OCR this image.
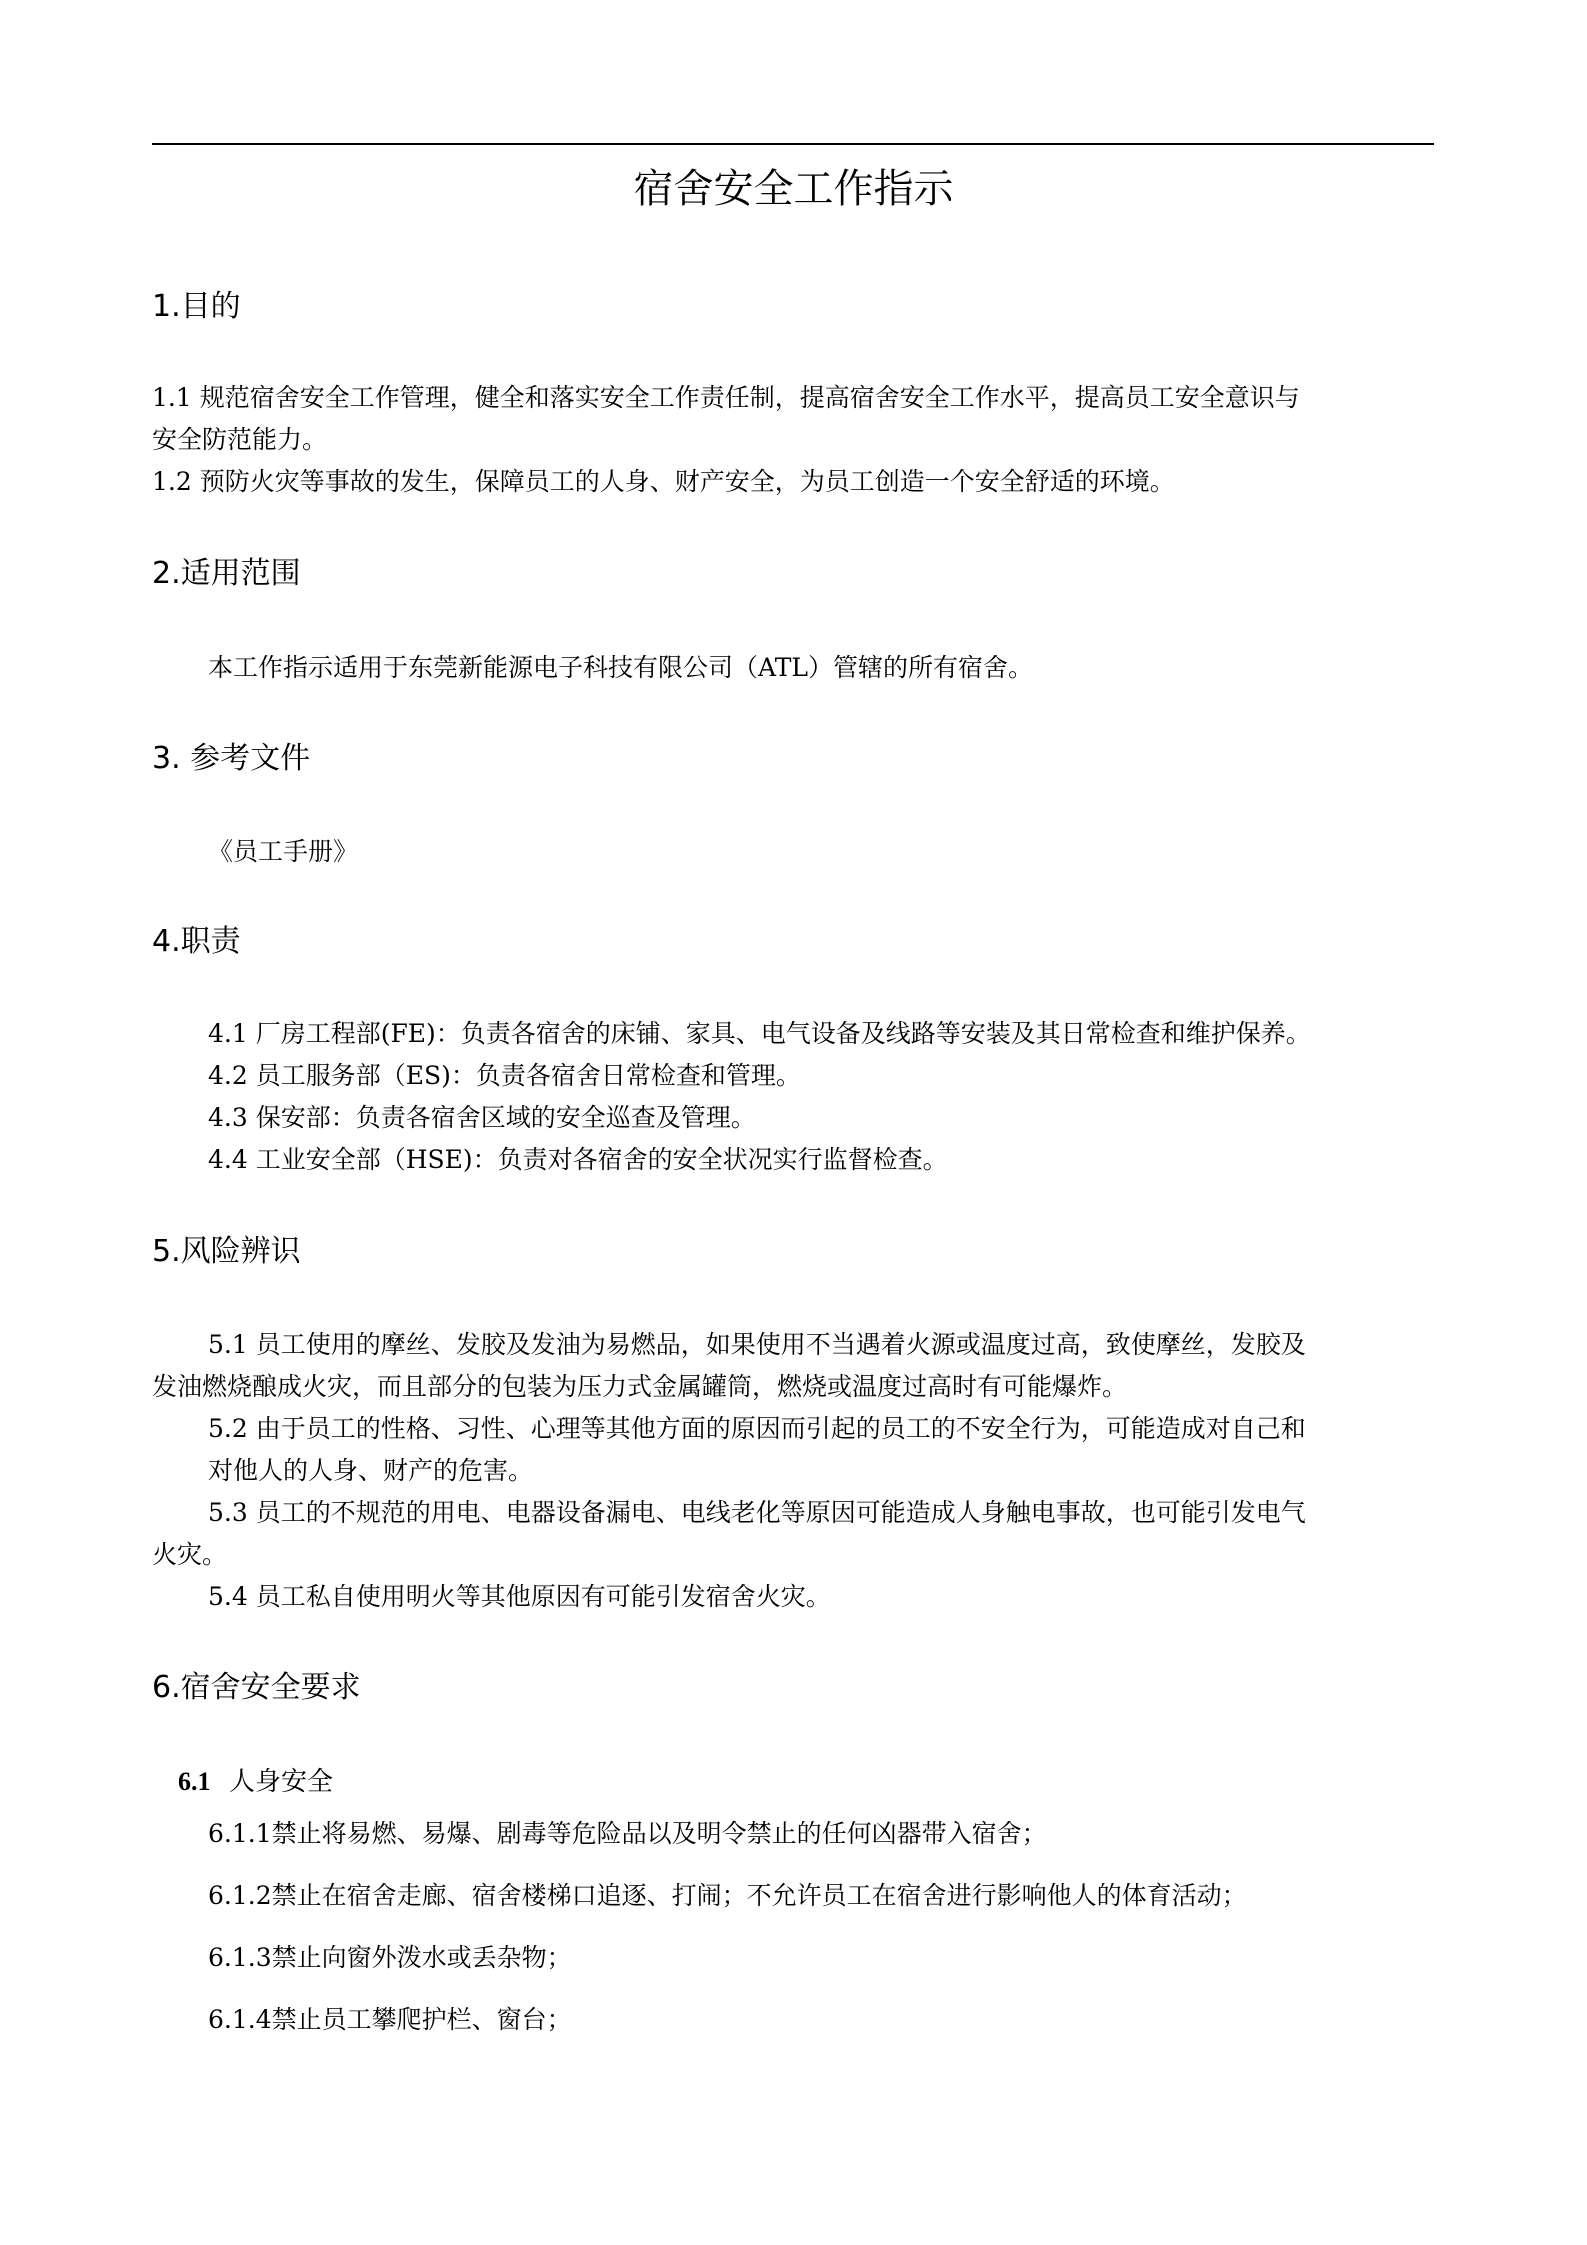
宿舍安全工作指示
1.目的
1.1 规范宿舍安全工作管理，健全和落实安全工作责任制，提高宿舍安全工作水平，提高员工安全意识与
安全防范能力。
1.2 预防火灾等事故的发生，保障员工的人身、财产安全，为员工创造一个安全舒适的环境。
2.适用范围
本工作指示适用于东莞新能源电子科技有限公司（ATL）管辖的所有宿舍。
3. 参考文件
《员工手册》
4.职责
4.1 厂房工程部(FE)：负责各宿舍的床铺、家具、电气设备及线路等安装及其日常检查和维护保养。
4.2 员工服务部（ES)：负责各宿舍日常检查和管理。
4.3 保安部：负责各宿舍区域的安全巡查及管理。
4.4 工业安全部（HSE)：负责对各宿舍的安全状况实行监督检查。
5.风险辨识
5.1 员工使用的摩丝、发胶及发油为易燃品，如果使用不当遇着火源或温度过高，致使摩丝，发胶及
发油燃烧酿成火灾，而且部分的包装为压力式金属罐筒，燃烧或温度过高时有可能爆炸。
5.2 由于员工的性格、习性、心理等其他方面的原因而引起的员工的不安全行为，可能造成对自己和
对他人的人身、财产的危害。
5.3 员工的不规范的用电、电器设备漏电、电线老化等原因可能造成人身触电事故，也可能引发电气
火灾。
5.4 员工私自使用明火等其他原因有可能引发宿舍火灾。
6.宿舍安全要求
6.1 人身安全
6.1.1禁止将易燃、易爆、剧毒等危险品以及明令禁止的任何凶器带入宿舍；
6.1.2禁止在宿舍走廊、宿舍楼梯口追逐、打闹；不允许员工在宿舍进行影响他人的体育活动；
6.1.3禁止向窗外泼水或丢杂物；
6.1.4禁止员工攀爬护栏、窗台；
